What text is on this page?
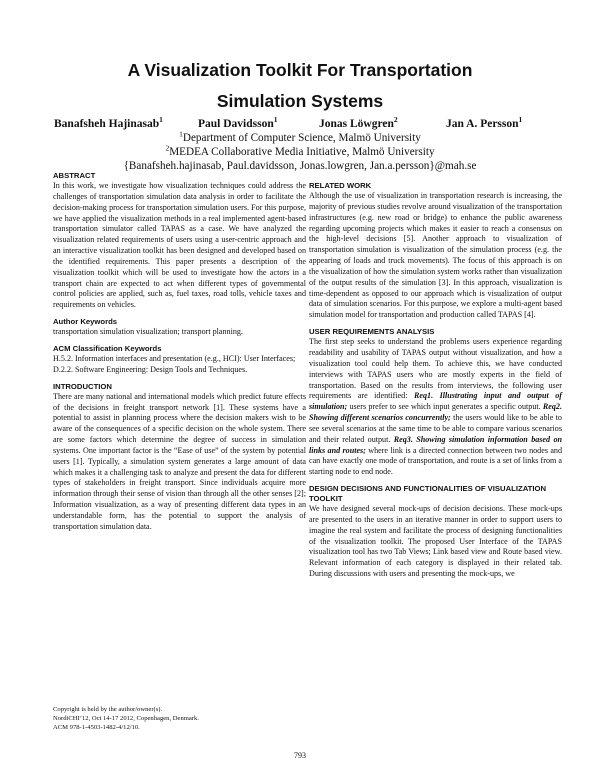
A Visualization Toolkit For Transportation
Simulation Systems
Banafsheh Hajinasab$^1$	Paul Davidsson$^1$	Jonas Löwgren$^2$	Jan A. Persson$^1$
$^1$Department of Computer Science, Malmö University
$^2$MEDEA Collaborative Media Initiative, Malmö University
{Banafsheh.hajinasab, Paul.davidsson, Jonas.lowgren, Jan.a.persson}@mah.se
ABSTRACT
In this work, we investigate how visualization techniques could address the challenges of transportation simulation data analysis in order to facilitate the decision-making process for transportation simulation users. For this purpose, we have applied the visualization methods in a real implemented agent-based transportation simulator called TAPAS as a case. We have analyzed the visualization related requirements of users using a user-centric approach and an interactive visualization toolkit has been designed and developed based on the identified requirements. This paper presents a description of the visualization toolkit which will be used to investigate how the actors in a transport chain are expected to act when different types of governmental control policies are applied, such as, fuel taxes, road tolls, vehicle taxes and requirements on vehicles.
Author Keywords
transportation simulation visualization; transport planning.
ACM Classification Keywords
H.5.2. Information interfaces and presentation (e.g., HCI): User Interfaces; D.2.2. Software Engineering: Design Tools and Techniques.
INTRODUCTION
There are many national and international models which predict future effects of the decisions in freight transport network [1]. These systems have a potential to assist in planning process where the decision makers wish to be aware of the consequences of a specific decision on the whole system. There are some factors which determine the degree of success in simulation systems. One important factor is the “Ease of use” of the system by potential users [1]. Typically, a simulation system generates a large amount of data which makes it a challenging task to analyze and present the data for different types of stakeholders in freight transport. Since individuals acquire more information through their sense of vision than through all the other senses [2]; Information visualization, as a way of presenting different data types in an understandable form, has the potential to support the analysis of transportation simulation data.
Copyright is held by the author/owner(s).
NordiCHI’12, Oct 14-17 2012, Copenhagen, Denmark.
ACM 978-1-4503-1482-4/12/10.
RELATED WORK
Although the use of visualization in transportation research is increasing, the majority of previous studies revolve around visualization of the transportation infrastructures (e.g. new road or bridge) to enhance the public awareness regarding upcoming projects which makes it easier to reach a consensus on the high-level decisions [5]. Another approach to visualization of transportation simulation is visualization of the simulation process (e.g. the appearing of loads and truck movements). The focus of this approach is on the visualization of how the simulation system works rather than visualization of the output results of the simulation [3]. In this approach, visualization is time-dependent as opposed to our approach which is visualization of output data of simulation scenarios. For this purpose, we explore a multi-agent based simulation model for transportation and production called TAPAS [4].
USER REQUIREMENTS ANALYSIS
The first step seeks to understand the problems users experience regarding readability and usability of TAPAS output without visualization, and how a visualization tool could help them. To achieve this, we have conducted interviews with TAPAS users who are mostly experts in the field of transportation. Based on the results from interviews, the following user requirements are identified: Req1. Illustrating input and output of simulation; users prefer to see which input generates a specific output. Req2. Showing different scenarios concurrently; the users would like to be able to see several scenarios at the same time to be able to compare various scenarios and their related output. Req3. Showing simulation information based on links and routes; where link is a directed connection between two nodes and can have exactly one mode of transportation, and route is a set of links from a starting node to end node.
DESIGN DECISIONS AND FUNCTIONALITIES OF VISUALIZATION TOOLKIT
We have designed several mock-ups of decision decisions. These mock-ups are presented to the users in an iterative manner in order to support users to imagine the real system and facilitate the process of designing functionalities of the visualization toolkit. The proposed User Interface of the TAPAS visualization tool has two Tab Views; Link based view and Route based view. Relevant information of each category is displayed in their related tab. During discussions with users and presenting the mock-ups, we
793
